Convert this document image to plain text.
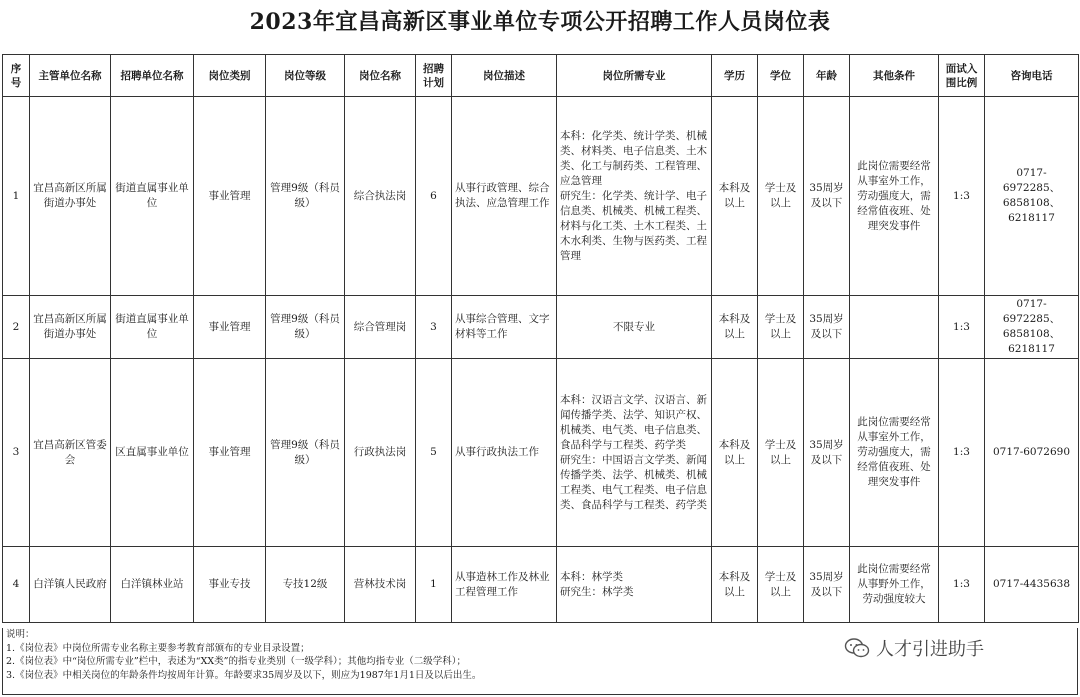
2023年宜昌高新区事业单位专项公开招聘工作人员岗位表
序号	主管单位名称	招聘单位名称	岗位类别	岗位等级	岗位名称	招聘计划	岗位描述	岗位所需专业	学历	学位	年龄	其他条件	面试入围比例	咨询电话
1	宜昌高新区所属街道办事处	街道直属事业单位	事业管理	管理9级（科员级）	综合执法岗	6	从事行政管理、综合执法、应急管理工作	本科：化学类、统计学类、机械类、材料类、电子信息类、土木类、化工与制药类、工程管理、应急管理
研究生：化学类、统计学、电子信息类、机械类、机械工程类、材料与化工类、土木工程类、土木水利类、生物与医药类、工程管理	本科及以上	学士及以上	35周岁及以下	此岗位需要经常从事室外工作，劳动强度大，需经常值夜班、处理突发事件	1:3	0717-6972285、6858108、6218117
2	宜昌高新区所属街道办事处	街道直属事业单位	事业管理	管理9级（科员级）	综合管理岗	3	从事综合管理、文字材料等工作	不限专业	本科及以上	学士及以上	35周岁及以下		1:3	0717-6972285、6858108、6218117
3	宜昌高新区管委会	区直属事业单位	事业管理	管理9级（科员级）	行政执法岗	5	从事行政执法工作	本科：汉语言文学、汉语言、新闻传播学类、法学、知识产权、机械类、电气类、电子信息类、食品科学与工程类、药学类
研究生：中国语言文学类、新闻传播学类、法学、机械类、机械工程类、电气工程类、电子信息类、食品科学与工程类、药学类	本科及以上	学士及以上	35周岁及以下	此岗位需要经常从事室外工作，劳动强度大，需经常值夜班、处理突发事件	1:3	0717-6072690
4	白洋镇人民政府	白洋镇林业站	事业专技	专技12级	营林技术岗	1	从事造林工作及林业工程管理工作	本科：林学类
研究生：林学类	本科及以上	学士及以上	35周岁及以下	此岗位需要经常从事野外工作，劳动强度较大	1:3	0717-4435638
说明：
1.《岗位表》中岗位所需专业名称主要参考教育部颁布的专业目录设置；
2.《岗位表》中“岗位所需专业”栏中，表述为“XX类”的指专业类别（一级学科）；其他均指专业（二级学科）；
3.《岗位表》中相关岗位的年龄条件均按周年计算。年龄要求35周岁及以下，则应为1987年1月1日及以后出生。
人才引进助手
